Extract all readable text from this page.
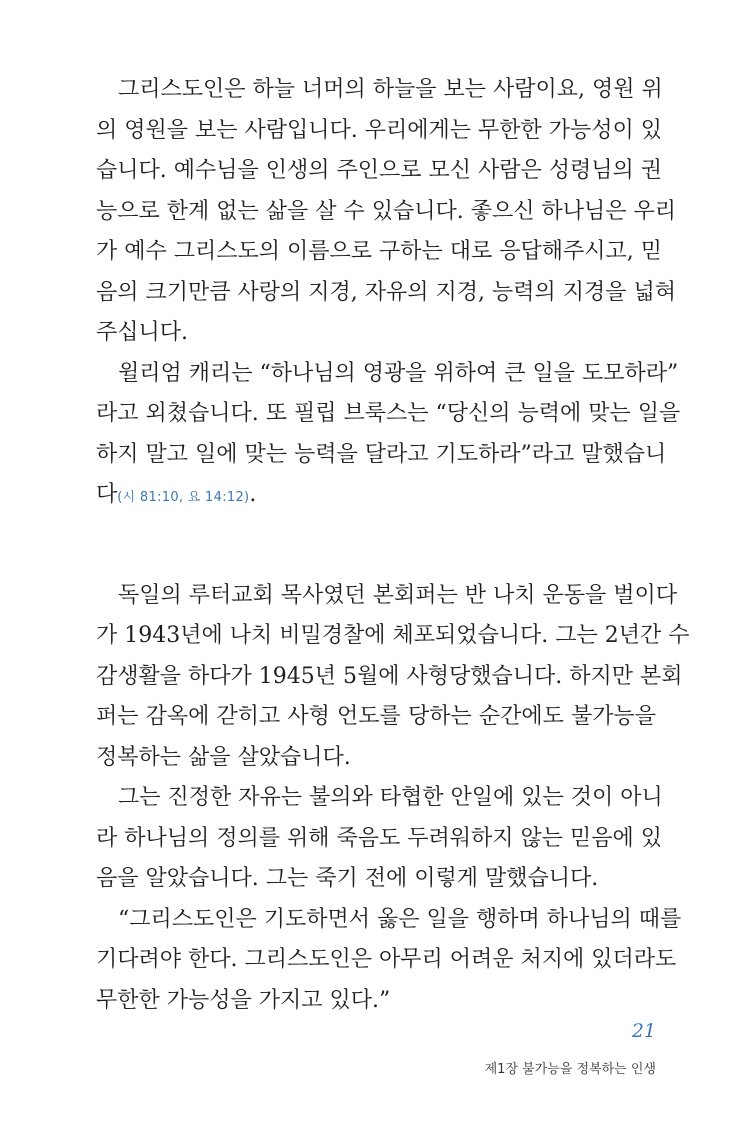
그리스도인은 하늘 너머의 하늘을 보는 사람이요, 영원 위
의 영원을 보는 사람입니다. 우리에게는 무한한 가능성이 있
습니다. 예수님을 인생의 주인으로 모신 사람은 성령님의 권
능으로 한계 없는 삶을 살 수 있습니다. 좋으신 하나님은 우리
가 예수 그리스도의 이름으로 구하는 대로 응답해주시고, 믿
음의 크기만큼 사랑의 지경, 자유의 지경, 능력의 지경을 넓혀
주십니다.
윌리엄 캐리는 “하나님의 영광을 위하여 큰 일을 도모하라”
라고 외쳤습니다. 또 필립 브룩스는 “당신의 능력에 맞는 일을
하지 말고 일에 맞는 능력을 달라고 기도하라”라고 말했습니
다(시 81:10, 요 14:12).
독일의 루터교회 목사였던 본회퍼는 반 나치 운동을 벌이다
가 1943년에 나치 비밀경찰에 체포되었습니다. 그는 2년간 수
감생활을 하다가 1945년 5월에 사형당했습니다. 하지만 본회
퍼는 감옥에 갇히고 사형 언도를 당하는 순간에도 불가능을
정복하는 삶을 살았습니다.
그는 진정한 자유는 불의와 타협한 안일에 있는 것이 아니
라 하나님의 정의를 위해 죽음도 두려워하지 않는 믿음에 있
음을 알았습니다. 그는 죽기 전에 이렇게 말했습니다.
“그리스도인은 기도하면서 옳은 일을 행하며 하나님의 때를
기다려야 한다. 그리스도인은 아무리 어려운 처지에 있더라도
무한한 가능성을 가지고 있다.”
21
제1장 불가능을 정복하는 인생
